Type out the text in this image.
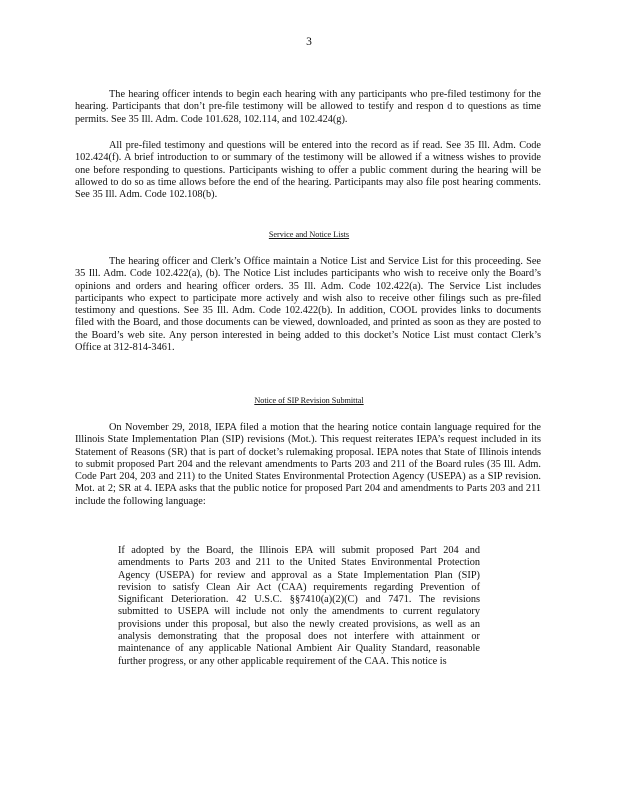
3

The hearing officer intends to begin each hearing with any participants who pre-filed testimony for the hearing. Participants that don’t pre-file testimony will be allowed to testify and respon d to questions as time permits. See 35 Ill. Adm. Code 101.628, 102.114, and 102.424(g).

All pre-filed testimony and questions will be entered into the record as if read. See 35 Ill. Adm. Code 102.424(f). A brief introduction to or summary of the testimony will be allowed if a witness wishes to provide one before responding to questions. Participants wishing to offer a public comment during the hearing will be allowed to do so as time allows before the end of the hearing. Participants may also file post hearing comments. See 35 Ill. Adm. Code 102.108(b).

Service and Notice Lists

The hearing officer and Clerk’s Office maintain a Notice List and Service List for this proceeding. See 35 Ill. Adm. Code 102.422(a), (b). The Notice List includes participants who wish to receive only the Board’s opinions and orders and hearing officer orders. 35 Ill. Adm. Code 102.422(a). The Service List includes participants who expect to participate more actively and wish also to receive other filings such as pre-filed testimony and questions. See 35 Ill. Adm. Code 102.422(b). In addition, COOL provides links to documents filed with the Board, and those documents can be viewed, downloaded, and printed as soon as they are posted to the Board’s web site. Any person interested in being added to this docket’s Notice List must contact Clerk’s Office at 312-814-3461.

Notice of SIP Revision Submittal

On November 29, 2018, IEPA filed a motion that the hearing notice contain language required for the Illinois State Implementation Plan (SIP) revisions (Mot.). This request reiterates IEPA’s request included in its Statement of Reasons (SR) that is part of docket’s rulemaking proposal. IEPA notes that State of Illinois intends to submit proposed Part 204 and the relevant amendments to Parts 203 and 211 of the Board rules (35 Ill. Adm. Code Part 204, 203 and 211) to the United States Environmental Protection Agency (USEPA) as a SIP revision. Mot. at 2; SR at 4. IEPA asks that the public notice for proposed Part 204 and amendments to Parts 203 and 211 include the following language:

If adopted by the Board, the Illinois EPA will submit proposed Part 204 and amendments to Parts 203 and 211 to the United States Environmental Protection Agency (USEPA) for review and approval as a State Implementation Plan (SIP) revision to satisfy Clean Air Act (CAA) requirements regarding Prevention of Significant Deterioration. 42 U.S.C. §§7410(a)(2)(C) and 7471. The revisions submitted to USEPA will include not only the amendments to current regulatory provisions under this proposal, but also the newly created provisions, as well as an analysis demonstrating that the proposal does not interfere with attainment or maintenance of any applicable National Ambient Air Quality Standard, reasonable further progress, or any other applicable requirement of the CAA. This notice is
